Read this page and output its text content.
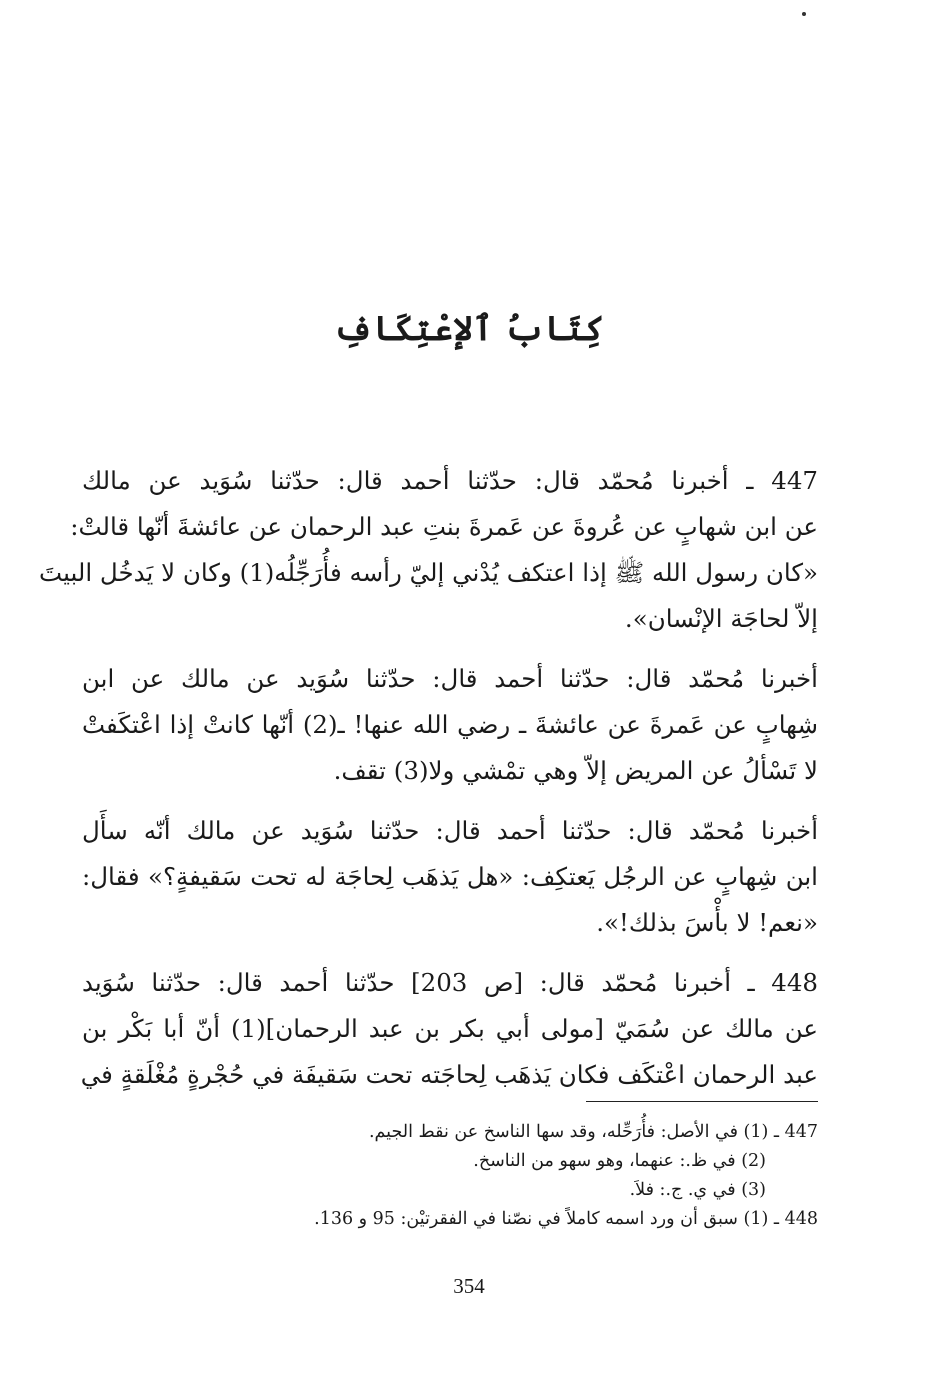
كِتَابُ ٱلإعْتِكَافِ

447 ـ أخبرنا مُحمّد قال: حدّثنا أحمد قال: حدّثنا سُوَيد عن مالك
عن ابن شهابٍ عن عُروةَ عن عَمرةَ بنتِ عبد الرحمان عن عائشةَ أنّها قالتْ:
«كان رسول الله ﷺ إذا اعتكف يُدْني إليّ رأسه فأُرَجِّلُه(1) وكان لا يَدخُل البيتَ
إلاّ لحاجَة الإنْسان».

أخبرنا مُحمّد قال: حدّثنا أحمد قال: حدّثنا سُوَيد عن مالك عن ابن
شِهابٍ عن عَمرةَ عن عائشةَ ـ رضي الله عنها! ـ(2) أنّها كانتْ إذا اعْتكَفتْ
لا تَسْألُ عن المريض إلاّ وهي تمْشي ولا(3) تقف.

أخبرنا مُحمّد قال: حدّثنا أحمد قال: حدّثنا سُوَيد عن مالك أنّه سأَل
ابن شِهابٍ عن الرجُل يَعتكِف: «هل يَذهَب لِحاجَة له تحت سَقيفةٍ؟» فقال:
«نعم! لا بأْسَ بذلك!».

448 ـ أخبرنا مُحمّد قال: [ص 203] حدّثنا أحمد قال: حدّثنا سُوَيد
عن مالك عن سُمَيّ [مولى أبي بكر بن عبد الرحمان](1) أنّ أبا بَكْر بن
عبد الرحمان اعْتكَف فكان يَذهَب لِحاجَته تحت سَقيفَة في حُجْرةٍ مُغْلَقةٍ في

447 ـ (1) في الأصل: فأُرَحِّله، وقد سها الناسخ عن نقط الجيم.
(2) في ظ.: عنهما، وهو سهو من الناسخ.
(3) في ي. ج.: فلاَ.
448 ـ (1) سبق أن ورد اسمه كاملاً في نصّنا في الفقرتيْن: 95 و 136.
354
